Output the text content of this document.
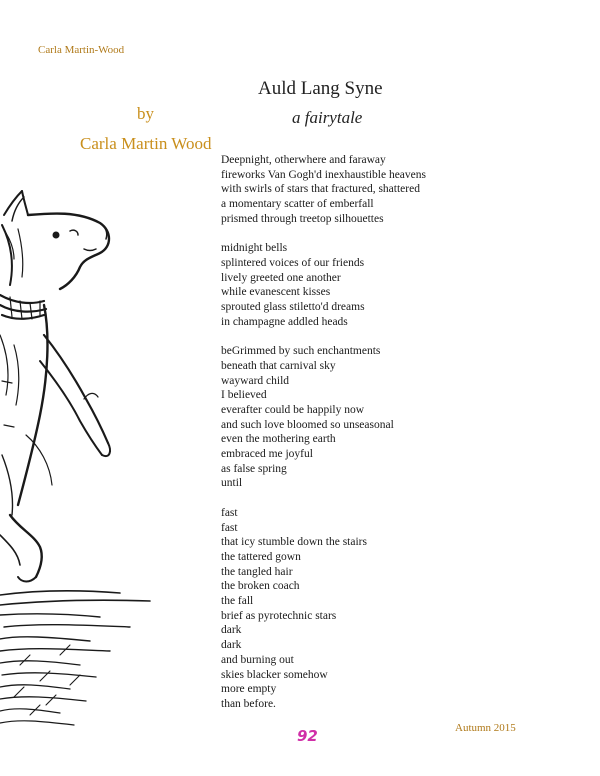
Carla Martin-Wood
Auld Lang Syne
a fairytale
by
Carla Martin Wood
Deepnight, otherwhere and faraway
fireworks Van Gogh'd inexhaustible heavens
with swirls of stars that fractured, shattered
a momentary scatter of emberfall
prismed through treetop silhouettes
midnight bells
splintered voices of our friends
lively greeted one another
while evanescent kisses
sprouted glass stiletto'd dreams
in champagne addled heads
beGrimmed by such enchantments
beneath that carnival sky
wayward child
I believed
everafter could be happily now
and such love bloomed so unseasonal
even the mothering earth
embraced me joyful
as false spring
until
fast
fast
that icy stumble down the stairs
the tattered gown
the tangled hair
the broken coach
the fall
brief as pyrotechnic stars
dark
dark
and burning out
skies blacker somehow
more empty
than before.
92	Autumn 2015
